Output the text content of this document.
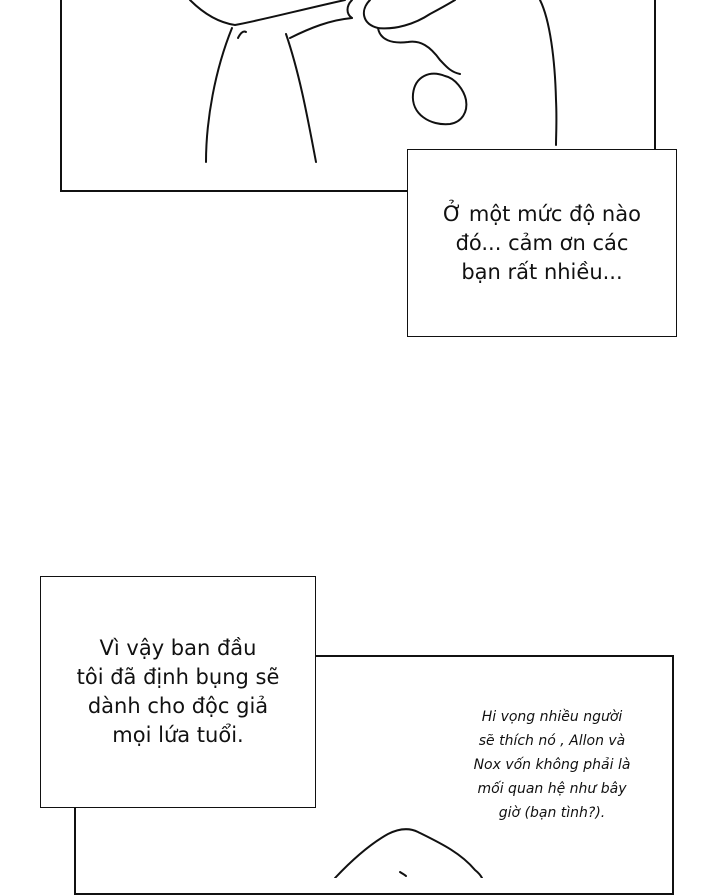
Ở một mức độ nào
đó... cảm ơn các
bạn rất nhiều...
Vì vậy ban đầu
tôi đã định bụng sẽ
dành cho độc giả
mọi lứa tuổi.
Hi vọng nhiều người
sẽ thích nó , Allon và
Nox vốn không phải là
mối quan hệ như bây
giờ (bạn tình?).
